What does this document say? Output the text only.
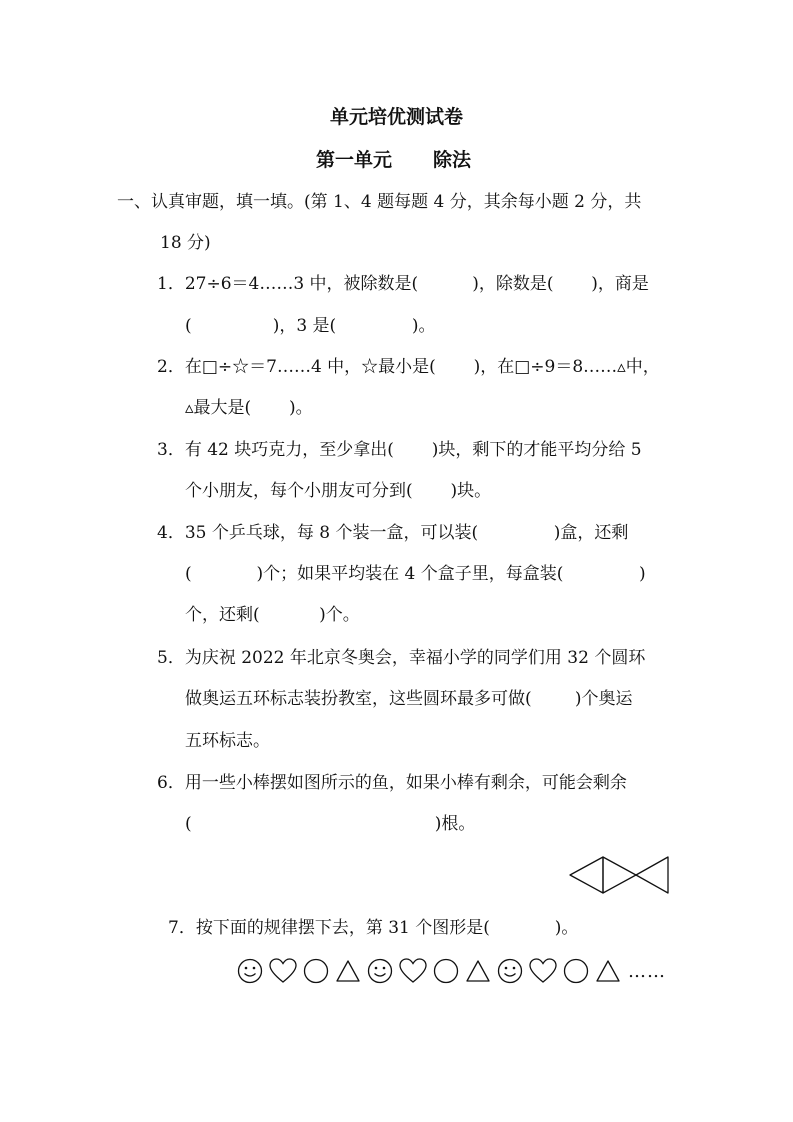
单元培优测试卷
第一单元 除法
一、认真审题，填一填。(第 1、4 题每题 4 分，其余每小题 2 分，共
18 分)
1．27÷6＝4……3 中，被除数是(          )，除数是(       )，商是
(               )，3 是(              )。
2．在□÷☆＝7……4 中，☆最小是(       )，在□÷9＝8……▵中，
▵最大是(       )。
3．有 42 块巧克力，至少拿出(       )块，剩下的才能平均分给 5
个小朋友，每个小朋友可分到(       )块。
4．35 个乒乓球，每 8 个装一盒，可以装(              )盒，还剩
(            )个；如果平均装在 4 个盒子里，每盒装(              )
个，还剩(           )个。
5．为庆祝 2022 年北京冬奥会，幸福小学的同学们用 32 个圆环
做奥运五环标志装扮教室，这些圆环最多可做(        )个奥运
五环标志。
6．用一些小棒摆如图所示的鱼，如果小棒有剩余，可能会剩余
(                                             )根。
7．按下面的规律摆下去，第 31 个图形是(            )。
……
